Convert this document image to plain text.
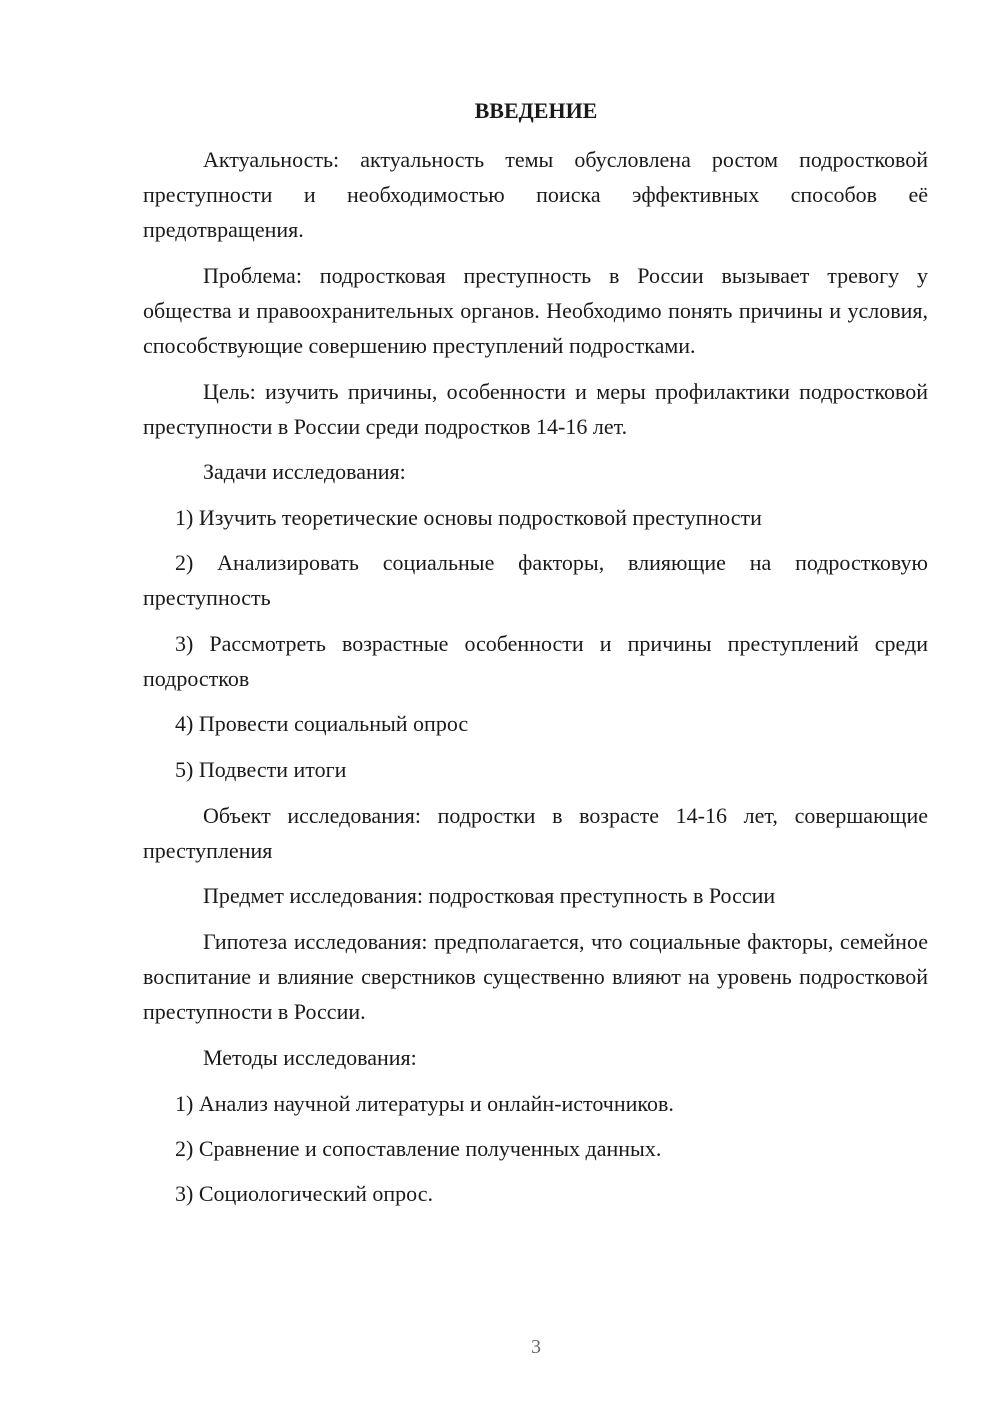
ВВЕДЕНИЕ

Актуальность: актуальность темы обусловлена ростом подростковой преступности и необходимостью поиска эффективных способов её предотвращения.

Проблема: подростковая преступность в России вызывает тревогу у общества и правоохранительных органов. Необходимо понять причины и условия, способствующие совершению преступлений подростками.

Цель: изучить причины, особенности и меры профилактики подростковой преступности в России среди подростков 14-16 лет.

Задачи исследования:

1) Изучить теоретические основы подростковой преступности

2) Анализировать социальные факторы, влияющие на подростковую преступность

3) Рассмотреть возрастные особенности и причины преступлений среди подростков

4) Провести социальный опрос

5) Подвести итоги

Объект исследования: подростки в возрасте 14-16 лет, совершающие преступления

Предмет исследования: подростковая преступность в России

Гипотеза исследования: предполагается, что социальные факторы, семейное воспитание и влияние сверстников существенно влияют на уровень подростковой преступности в России.

Методы исследования:

1) Анализ научной литературы и онлайн-источников.

2) Сравнение и сопоставление полученных данных.

3) Социологический опрос.

3
